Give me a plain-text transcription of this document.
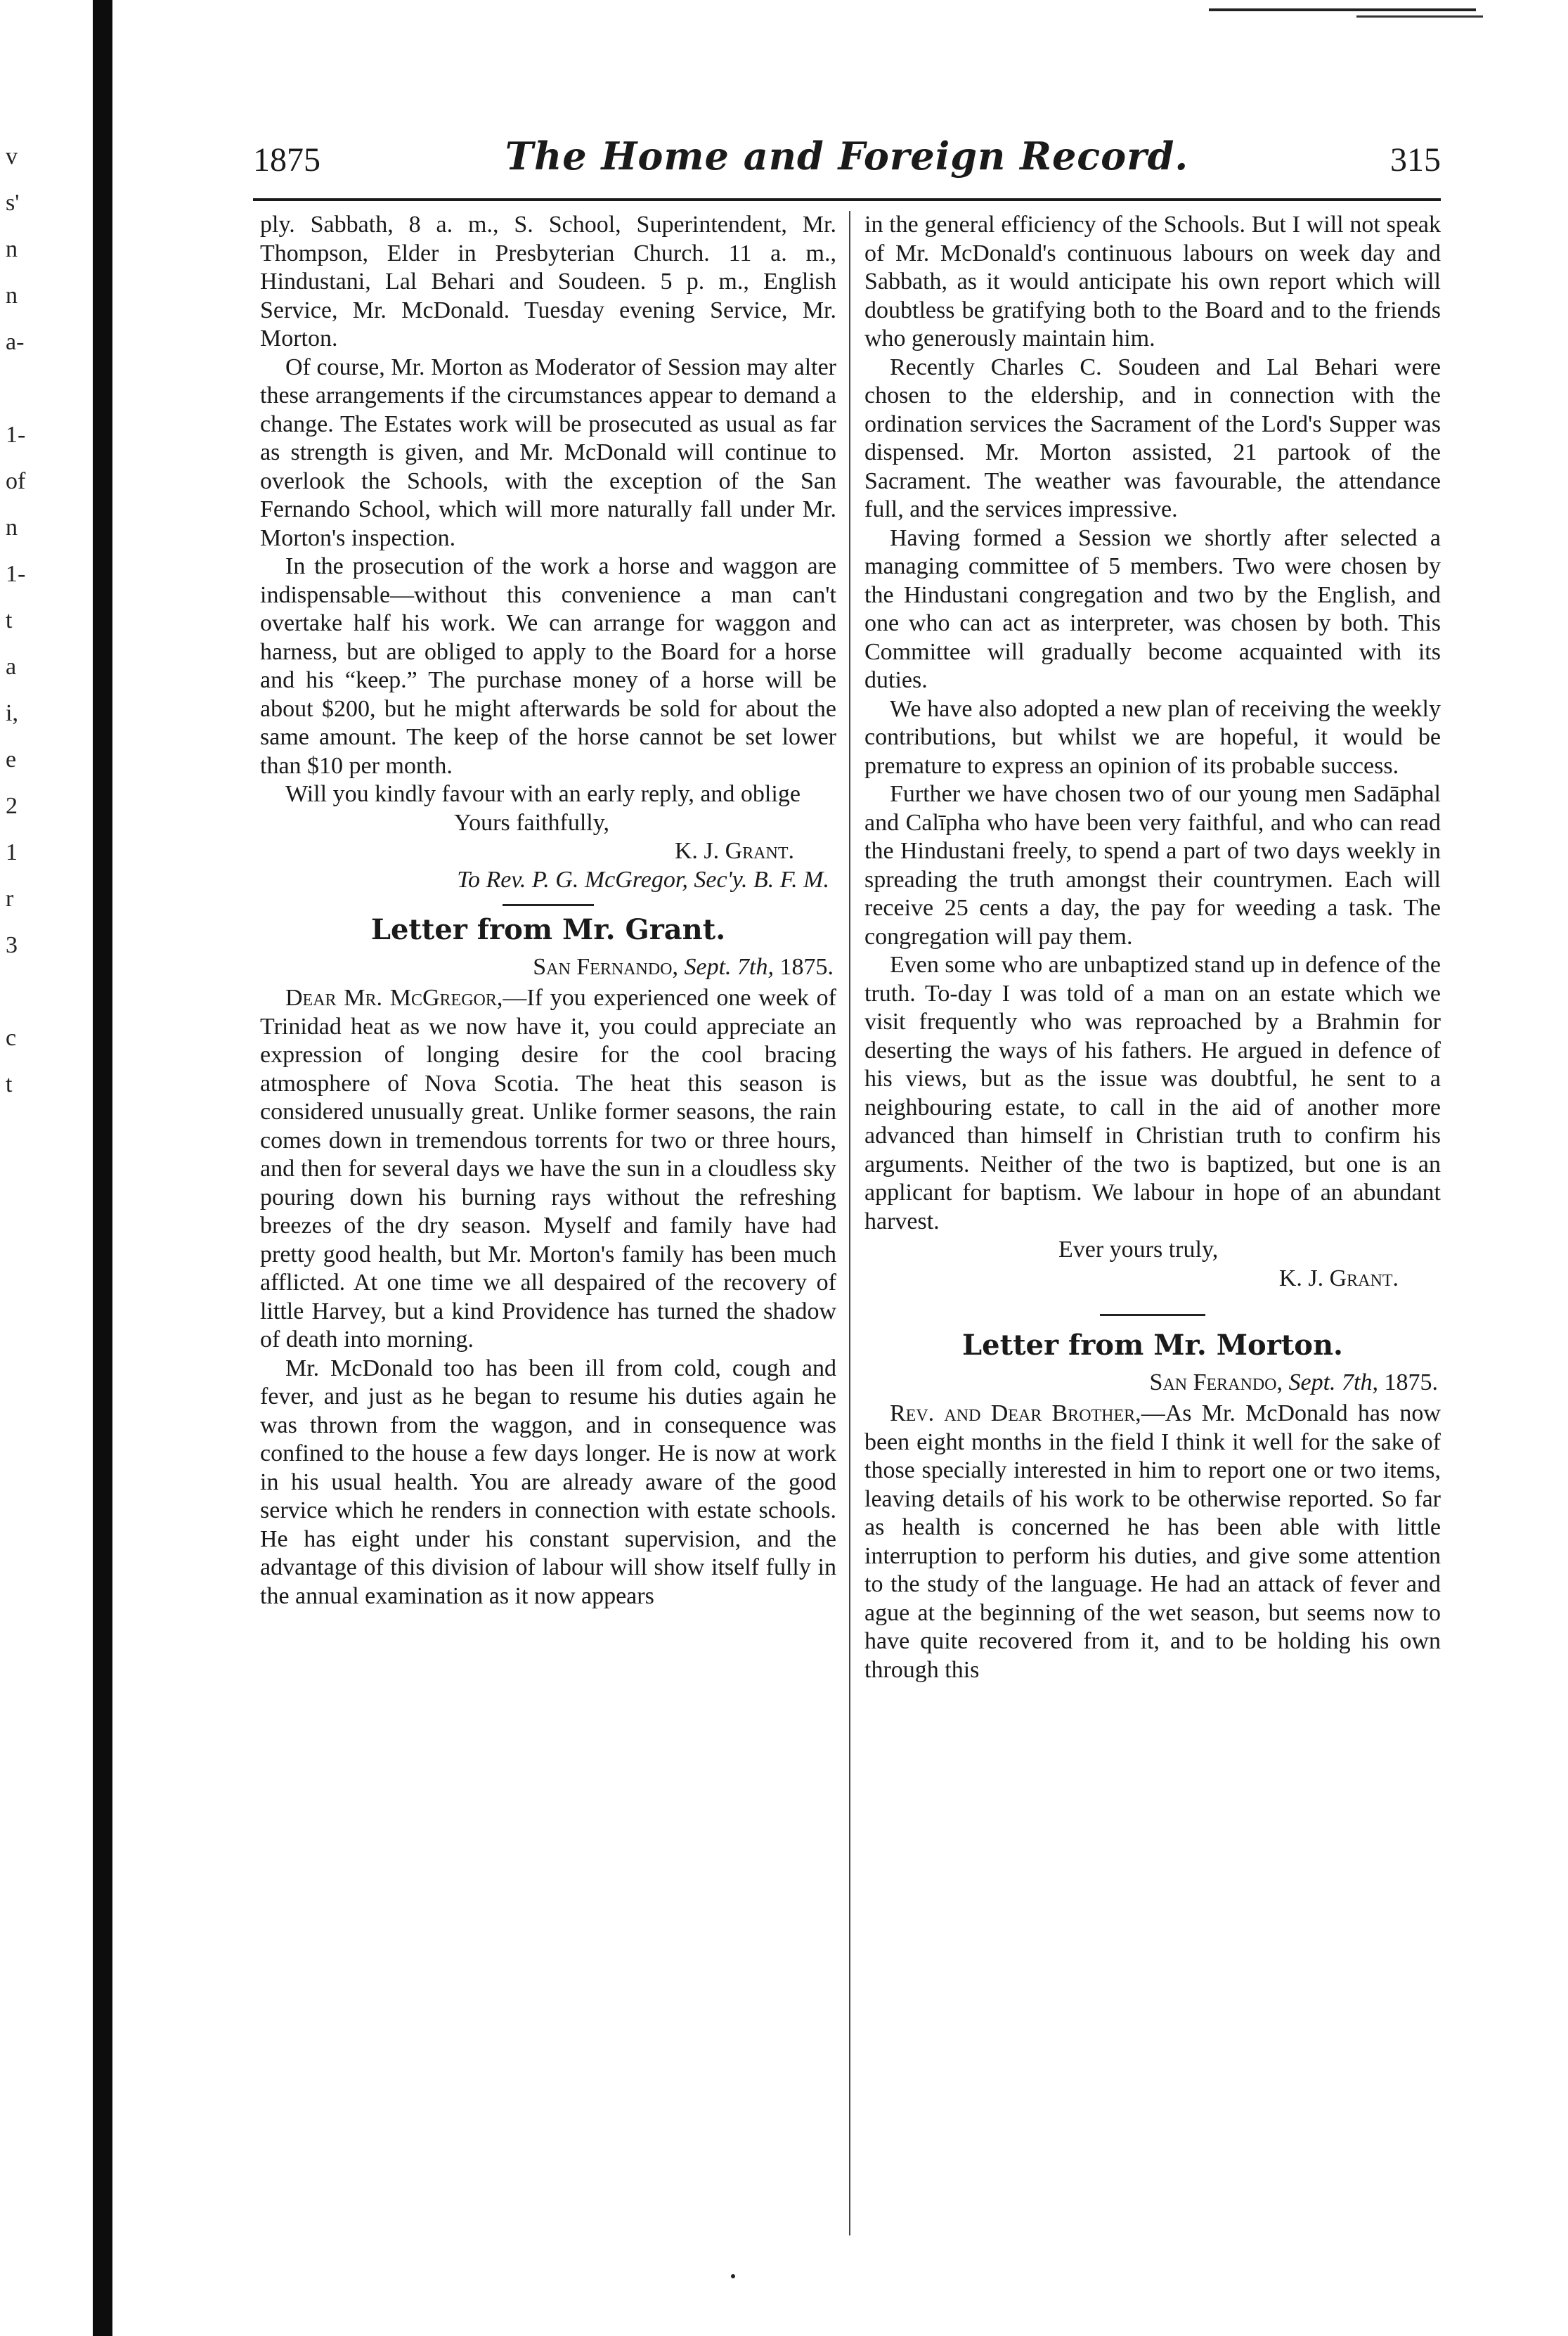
v
s'
n
n
a-
1-
of
n
1-
t
a
i,
e
2
1
r
3
c
t
1875	The Home and Foreign Record.	315

ply. Sabbath, 8 a. m., S. School, Superintendent, Mr. Thompson, Elder in Presbyterian Church. 11 a. m., Hindustani, Lal Behari and Soudeen. 5 p. m., English Service, Mr. McDonald. Tuesday evening Service, Mr. Morton.

Of course, Mr. Morton as Moderator of Session may alter these arrangements if the circumstances appear to demand a change. The Estates work will be prosecuted as usual as far as strength is given, and Mr. McDonald will continue to overlook the Schools, with the exception of the San Fernando School, which will more naturally fall under Mr. Morton's inspection.

In the prosecution of the work a horse and waggon are indispensable—without this convenience a man can't overtake half his work. We can arrange for waggon and harness, but are obliged to apply to the Board for a horse and his “keep.” The purchase money of a horse will be about $200, but he might afterwards be sold for about the same amount. The keep of the horse cannot be set lower than $10 per month.

Will you kindly favour with an early reply, and oblige

Yours faithfully,

K. J. Grant.

To Rev. P. G. McGregor, Sec'y. B. F. M.

Letter from Mr. Grant.

San Fernando, Sept. 7th, 1875.

Dear Mr. McGregor,—If you experienced one week of Trinidad heat as we now have it, you could appreciate an expression of longing desire for the cool bracing atmosphere of Nova Scotia. The heat this season is considered unusually great. Unlike former seasons, the rain comes down in tremendous torrents for two or three hours, and then for several days we have the sun in a cloudless sky pouring down his burning rays without the refreshing breezes of the dry season. Myself and family have had pretty good health, but Mr. Morton's family has been much afflicted. At one time we all despaired of the recovery of little Harvey, but a kind Providence has turned the shadow of death into morning.

Mr. McDonald too has been ill from cold, cough and fever, and just as he began to resume his duties again he was thrown from the waggon, and in consequence was confined to the house a few days longer. He is now at work in his usual health. You are already aware of the good service which he renders in connection with estate schools. He has eight under his constant supervision, and the advantage of this division of labour will show itself fully in the annual examination as it now appears

in the general efficiency of the Schools. But I will not speak of Mr. McDonald's continuous labours on week day and Sabbath, as it would anticipate his own report which will doubtless be gratifying both to the Board and to the friends who generously maintain him.

Recently Charles C. Soudeen and Lal Behari were chosen to the eldership, and in connection with the ordination services the Sacrament of the Lord's Supper was dispensed. Mr. Morton assisted, 21 partook of the Sacrament. The weather was favourable, the attendance full, and the services impressive.

Having formed a Session we shortly after selected a managing committee of 5 members. Two were chosen by the Hindustani congregation and two by the English, and one who can act as interpreter, was chosen by both. This Committee will gradually become acquainted with its duties.

We have also adopted a new plan of receiving the weekly contributions, but whilst we are hopeful, it would be premature to express an opinion of its probable success.

Further we have chosen two of our young men Sadāphal and Calīpha who have been very faithful, and who can read the Hindustani freely, to spend a part of two days weekly in spreading the truth amongst their countrymen. Each will receive 25 cents a day, the pay for weeding a task. The congregation will pay them.

Even some who are unbaptized stand up in defence of the truth. To-day I was told of a man on an estate which we visit frequently who was reproached by a Brahmin for deserting the ways of his fathers. He argued in defence of his views, but as the issue was doubtful, he sent to a neighbouring estate, to call in the aid of another more advanced than himself in Christian truth to confirm his arguments. Neither of the two is baptized, but one is an applicant for baptism. We labour in hope of an abundant harvest.

Ever yours truly,

K. J. Grant.

Letter from Mr. Morton.

San Ferando, Sept. 7th, 1875.

Rev. and Dear Brother,—As Mr. McDonald has now been eight months in the field I think it well for the sake of those specially interested in him to report one or two items, leaving details of his work to be otherwise reported. So far as health is concerned he has been able with little interruption to perform his duties, and give some attention to the study of the language. He had an attack of fever and ague at the beginning of the wet season, but seems now to have quite recovered from it, and to be holding his own through this
